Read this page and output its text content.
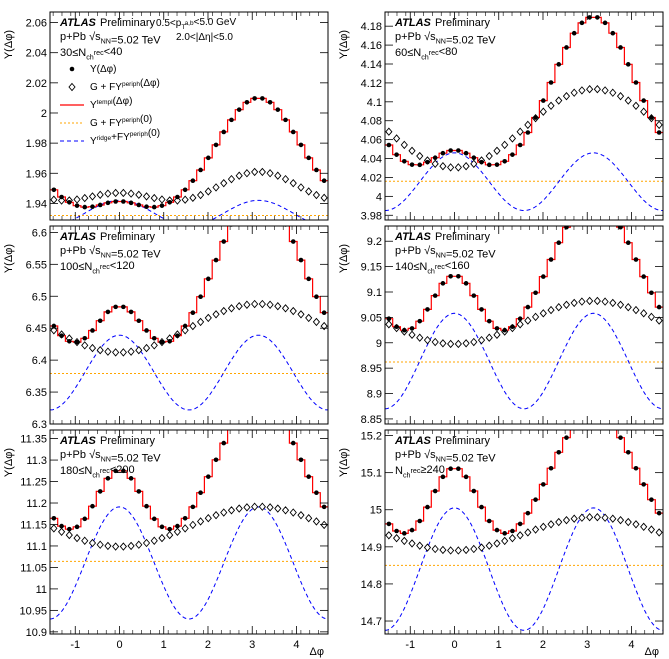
1.94
1.96
1.98
2
2.02
2.04
2.06
Y(Δφ)
ATLAS Preliminary
p+Pb $√s_{NN}=5.02$ TeV
$30\le N_{ch}^{rec}<40$
$0.5<p_T^{a,b}<5.0$ GeV
2.0<|Δη|<5.0
Y(Δφ)
$G + FY^{periph}(\Delta\varphi)$
$Y^{templ}(\Delta\varphi)$
$G + FY^{periph}(0)$
$Y^{ridge}+FY^{periph}(0)$
3.98
4
4.02
4.04
4.06
4.08
4.1
4.12
4.14
4.16
4.18
Y(Δφ)
ATLAS Preliminary
p+Pb $√s_{NN}=5.02$ TeV
$60\le N_{ch}^{rec}<80$
6.3
6.35
6.4
6.45
6.5
6.55
6.6
Y(Δφ)
ATLAS Preliminary
p+Pb $√s_{NN}=5.02$ TeV
$100\le N_{ch}^{rec}<120$
8.85
8.9
8.95
9
9.05
9.1
9.15
9.2
Y(Δφ)
ATLAS Preliminary
p+Pb $√s_{NN}=5.02$ TeV
$140\le N_{ch}^{rec}<160$
-1	0	1	2	3	4
10.9
10.95
11
11.05
11.1
11.15
11.2
11.25
11.3
11.35
Y(Δφ)
ATLAS Preliminary
p+Pb $√s_{NN}=5.02$ TeV
$180\le N_{ch}^{rec}<200$
Δφ
-1	0	1	2	3	4
14.7
14.8
14.9
15
15.1
15.2
Y(Δφ)
ATLAS Preliminary
p+Pb $√s_{NN}=5.02$ TeV
$N_{ch}^{rec}\ge 240$
Δφ
